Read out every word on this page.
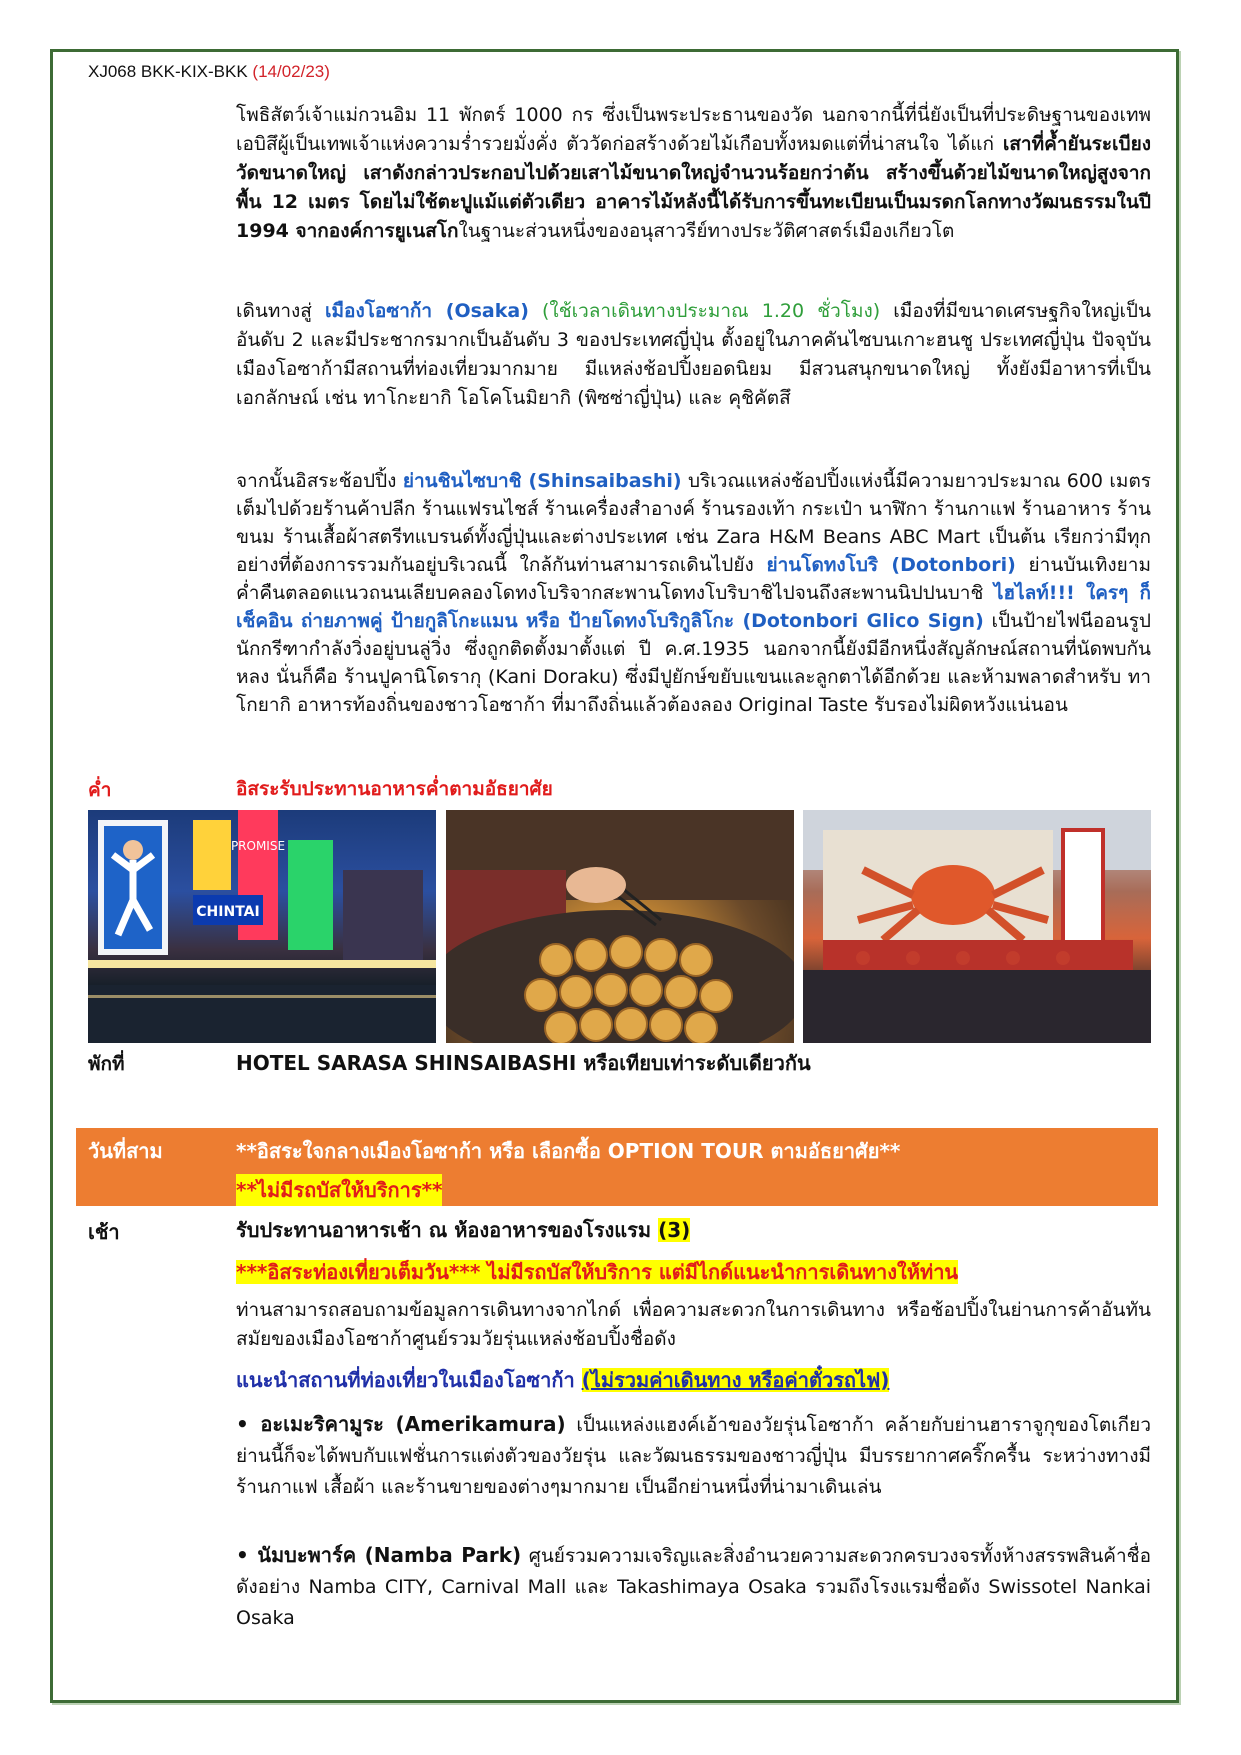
XJ068 BKK-KIX-BKK (14/02/23)

โพธิสัตว์เจ้าแม่กวนอิม 11 พักตร์ 1000 กร ซึ่งเป็นพระประธานของวัด นอกจากนี้ที่นี่ยังเป็นที่ประดิษฐานของเทพเอบิสึผู้เป็นเทพเจ้าแห่งความร่ำรวยมั่งคั่ง ตัววัดก่อสร้างด้วยไม้เกือบทั้งหมดแต่ที่น่าสนใจ ได้แก่ เสาที่ค้ำยันระเบียงวัดขนาดใหญ่ เสาดังกล่าวประกอบไปด้วยเสาไม้ขนาดใหญ่จำนวนร้อยกว่าต้น สร้างขึ้นด้วยไม้ขนาดใหญ่สูงจากพื้น 12 เมตร โดยไม่ใช้ตะปูแม้แต่ตัวเดียว อาคารไม้หลังนี้ได้รับการขึ้นทะเบียนเป็นมรดกโลกทางวัฒนธรรมในปี 1994 จากองค์การยูเนสโกในฐานะส่วนหนึ่งของอนุสาวรีย์ทางประวัติศาสตร์เมืองเกียวโต

เดินทางสู่ เมืองโอซาก้า (Osaka) (ใช้เวลาเดินทางประมาณ 1.20 ชั่วโมง) เมืองที่มีขนาดเศรษฐกิจใหญ่เป็นอันดับ 2 และมีประชากรมากเป็นอันดับ 3 ของประเทศญี่ปุ่น ตั้งอยู่ในภาคคันไซบนเกาะฮนชู ประเทศญี่ปุ่น ปัจจุบันเมืองโอซาก้ามีสถานที่ท่องเที่ยวมากมาย มีแหล่งช้อปปิ้งยอดนิยม มีสวนสนุกขนาดใหญ่ ทั้งยังมีอาหารที่เป็นเอกลักษณ์ เช่น ทาโกะยากิ โอโคโนมิยากิ (พิซซ่าญี่ปุ่น) และ คุชิคัตสึ

จากนั้นอิสระช้อปปิ้ง ย่านชินไซบาชิ (Shinsaibashi) บริเวณแหล่งช้อปปิ้งแห่งนี้มีความยาวประมาณ 600 เมตร เต็มไปด้วยร้านค้าปลีก ร้านแฟรนไชส์ ร้านเครื่องสำอางค์ ร้านรองเท้า กระเป๋า นาฬิกา ร้านกาแฟ ร้านอาหาร ร้านขนม ร้านเสื้อผ้าสตรีทแบรนด์ทั้งญี่ปุ่นและต่างประเทศ เช่น Zara H&M Beans ABC Mart เป็นต้น เรียกว่ามีทุกอย่างที่ต้องการรวมกันอยู่บริเวณนี้ ใกล้กันท่านสามารถเดินไปยัง ย่านโดทงโบริ (Dotonbori) ย่านบันเทิงยามค่ำคืนตลอดแนวถนนเลียบคลองโดทงโบริจากสะพานโดทงโบริบาชิไปจนถึงสะพานนิปปนบาชิ ไฮไลท์!!! ใครๆ ก็เช็คอิน ถ่ายภาพคู่ ป้ายกูลิโกะแมน หรือ ป้ายโดทงโบริกูลิโกะ (Dotonbori Glico Sign) เป็นป้ายไฟนีออนรูปนักกรีฑากำลังวิ่งอยู่บนลู่วิ่ง ซึ่งถูกติดตั้งมาตั้งแต่ ปี ค.ศ.1935 นอกจากนี้ยังมีอีกหนึ่งสัญลักษณ์สถานที่นัดพบกันหลง นั่นก็คือ ร้านปูคานิโดรากุ (Kani Doraku) ซึ่งมีปูยักษ์ขยับแขนและลูกตาได้อีกด้วย และห้ามพลาดสำหรับ ทาโกยากิ อาหารท้องถิ่นของชาวโอซาก้า ที่มาถึงถิ่นแล้วต้องลอง Original Taste รับรองไม่ผิดหวังแน่นอน

ค่ำ	อิสระรับประทานอาหารค่ำตามอัธยาศัย
PROMISE
CHINTAI
พักที่	HOTEL SARASA SHINSAIBASHI หรือเทียบเท่าระดับเดียวกัน
วันที่สาม	**อิสระใจกลางเมืองโอซาก้า หรือ เลือกซื้อ OPTION TOUR ตามอัธยาศัย**
**ไม่มีรถบัสให้บริการ**
เช้า	รับประทานอาหารเช้า ณ ห้องอาหารของโรงแรม (3)
***อิสระท่องเที่ยวเต็มวัน*** ไม่มีรถบัสให้บริการ แต่มีไกด์แนะนำการเดินทางให้ท่าน

ท่านสามารถสอบถามข้อมูลการเดินทางจากไกด์ เพื่อความสะดวกในการเดินทาง หรือช้อปปิ้งในย่านการค้าอันทันสมัยของเมืองโอซาก้าศูนย์รวมวัยรุ่นแหล่งช้อบปิ้งชื่อดัง

แนะนำสถานที่ท่องเที่ยวในเมืองโอซาก้า (ไม่รวมค่าเดินทาง หรือค่าตั๋วรถไฟ)

• อะเมะริคามูระ (Amerikamura) เป็นแหล่งแฮงค์เอ้าของวัยรุ่นโอซาก้า คล้ายกับย่านฮาราจูกุของโตเกียว ย่านนี้ก็จะได้พบกับแฟชั่นการแต่งตัวของวัยรุ่น และวัฒนธรรมของชาวญี่ปุ่น มีบรรยากาศคริ๊กครื้น ระหว่างทางมีร้านกาแฟ เสื้อผ้า และร้านขายของต่างๆมากมาย เป็นอีกย่านหนึ่งที่น่ามาเดินเล่น

• นัมบะพาร์ค (Namba Park) ศูนย์รวมความเจริญและสิ่งอำนวยความสะดวกครบวงจรทั้งห้างสรรพสินค้าชื่อดังอย่าง Namba CITY, Carnival Mall และ Takashimaya Osaka รวมถึงโรงแรมชื่อดัง Swissotel Nankai Osaka
